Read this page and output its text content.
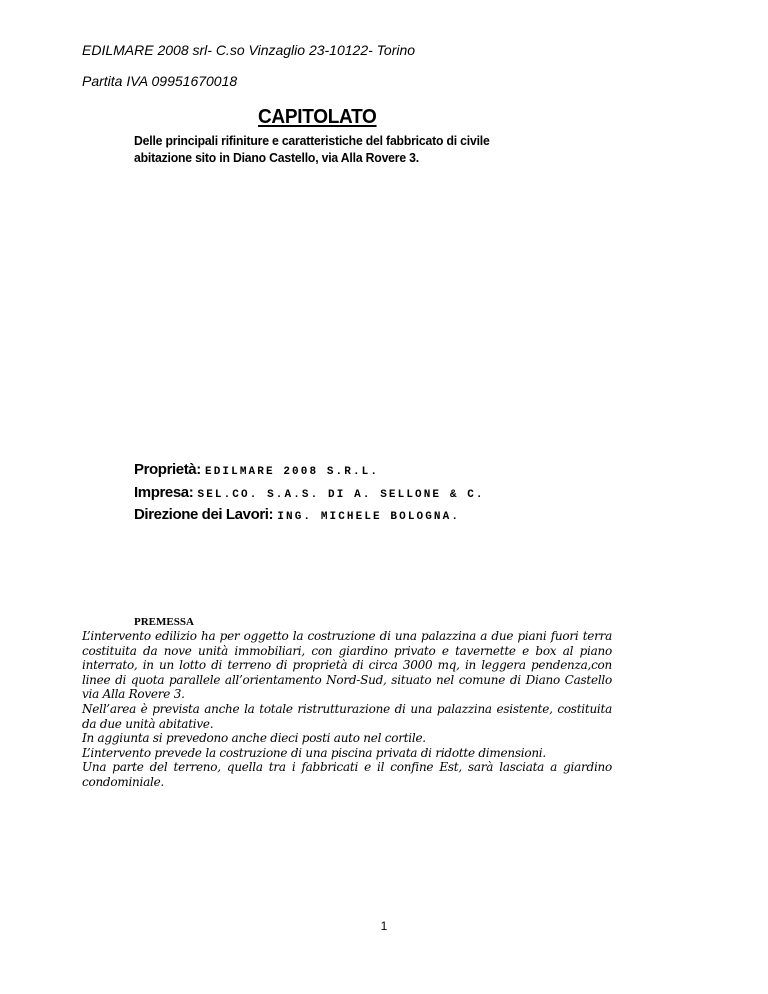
EDILMARE 2008 srl- C.so Vinzaglio 23-10122- Torino
Partita IVA 09951670018
CAPITOLATO
Delle principali rifiniture e caratteristiche del fabbricato di civile abitazione sito in Diano Castello, via Alla Rovere 3.
Proprietà: EDILMARE 2008 S.R.L.
Impresa: SEL.CO. S.A.S. DI A. SELLONE & C.
Direzione dei Lavori: ING. MICHELE BOLOGNA.
PREMESSA

L’intervento edilizio ha per oggetto la costruzione di una palazzina a due piani fuori terra costituita da nove unità immobiliari, con giardino privato e tavernette e box al piano interrato, in un lotto di terreno di proprietà di circa 3000 mq, in leggera pendenza,con linee di quota parallele all’orientamento Nord-Sud, situato nel comune di Diano Castello via Alla Rovere 3.

Nell’area è prevista anche la totale ristrutturazione di una palazzina esistente, costituita da due unità abitative.

In aggiunta si prevedono anche dieci posti auto nel cortile.

L’intervento prevede la costruzione di una piscina privata di ridotte dimensioni.

Una parte del terreno, quella tra i fabbricati e il confine Est, sarà lasciata a giardino condominiale.

1
